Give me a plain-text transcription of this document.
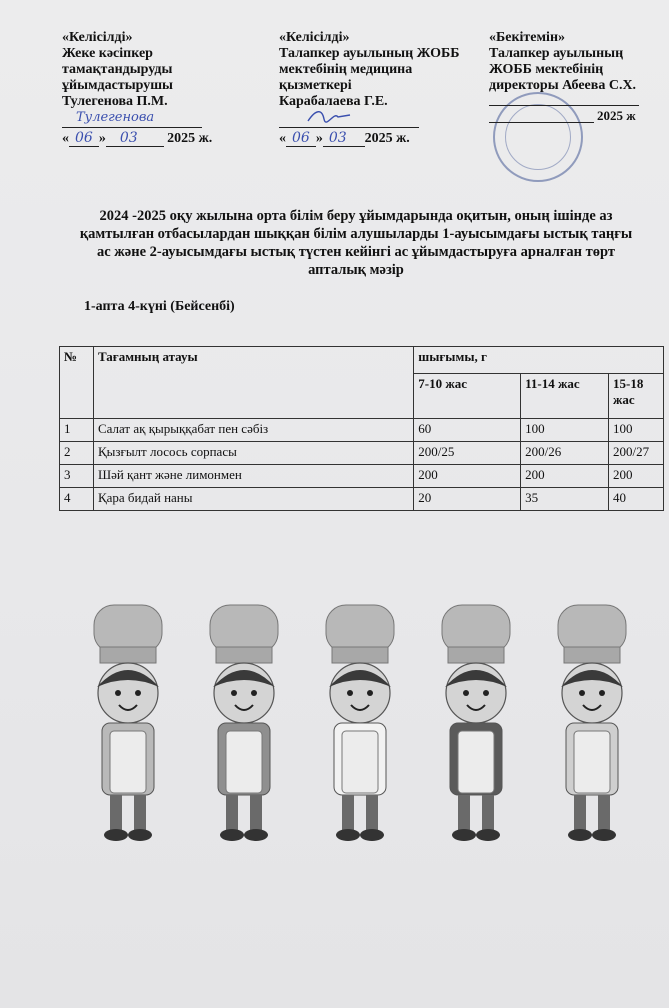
«Келісілді»
Жеке кәсіпкер
тамақтандыруды
ұйымдастырушы
Тулегенова П.М.
Тулегенова
« 06 » 03 2025 ж.
«Келісілді»
Талапкер ауылының ЖОББ
мектебінің медицина
қызметкері
Карабалаева Г.Е.
« 06 » 03 2025 ж.
«Бекітемін»
Талапкер ауылының
ЖОББ мектебінің
директоры Абеева С.Х.
2025 ж
2024 -2025 оқу жылына орта білім беру ұйымдарында оқитын, оның ішінде аз қамтылған отбасылардан шыққан білім алушыларды 1-ауысымдағы ыстық таңғы ас және 2-ауысымдағы ыстық түстен кейінгі ас ұйымдастыруға арналған төрт апталық мәзір
1-апта 4-күні (Бейсенбі)
№	Тағамның атауы	шығымы, г		
		7-10 жас	11-14 жас	15-18 жас
1	Салат ақ қырыққабат пен сәбіз	60	100	100
2	Қызғылт лосось сорпасы	200/25	200/26	200/27
3	Шәй қант және лимонмен	200	200	200
4	Қара бидай наны	20	35	40
